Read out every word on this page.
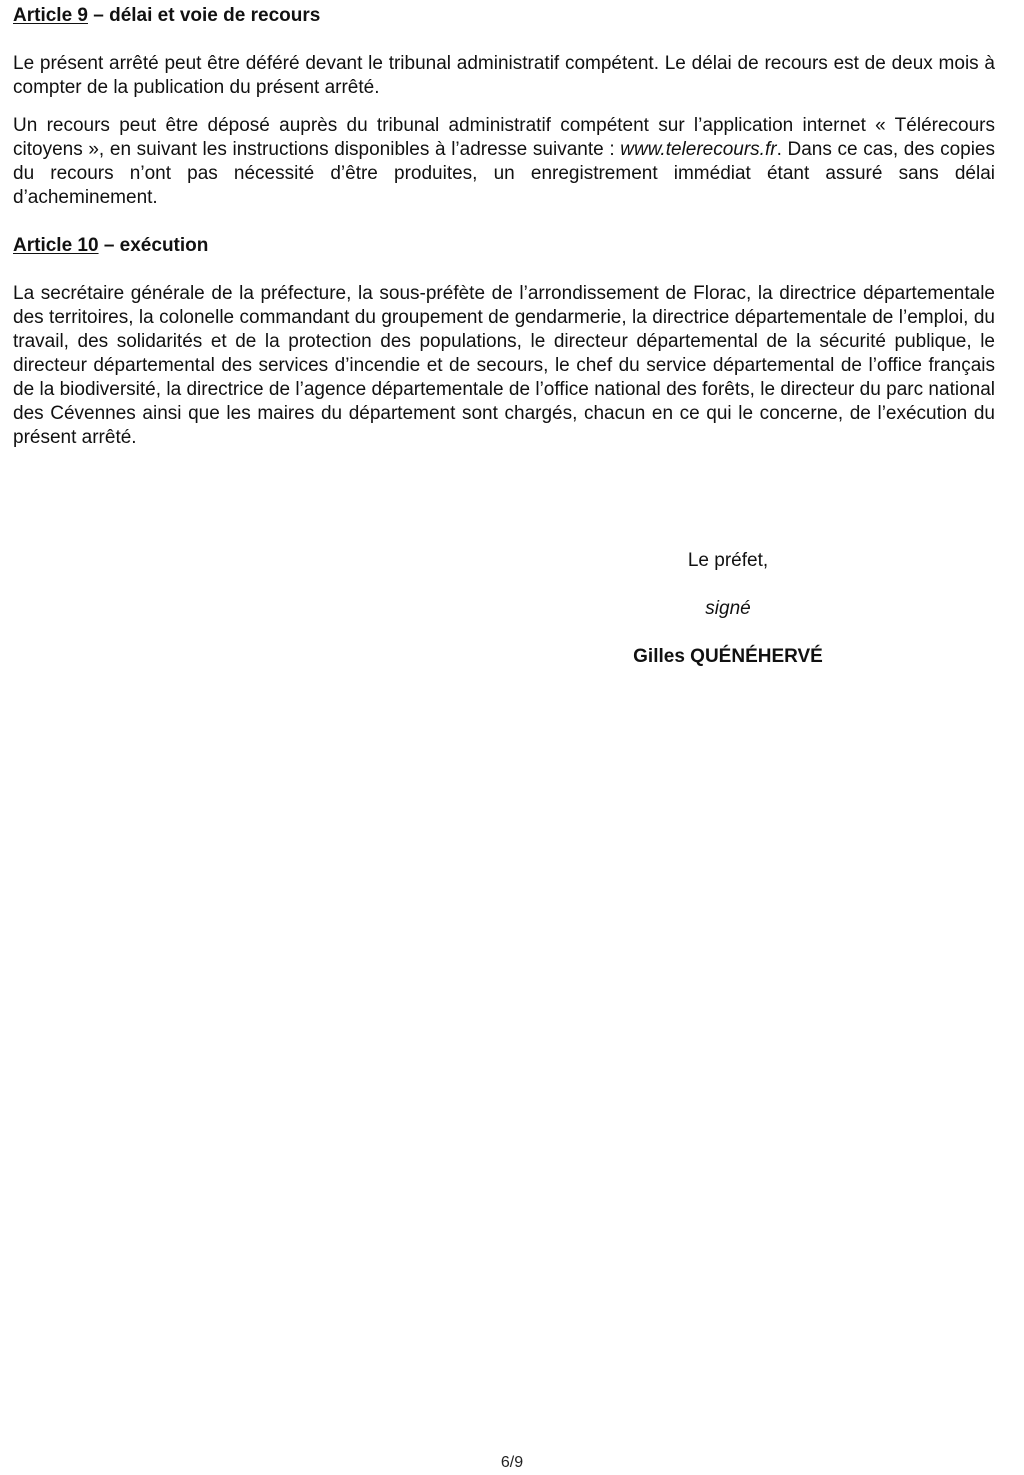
Article 9 – délai et voie de recours

Le présent arrêté peut être déféré devant le tribunal administratif compétent. Le délai de recours est de deux mois à compter de la publication du présent arrêté.

Un recours peut être déposé auprès du tribunal administratif compétent sur l’application internet « Télérecours citoyens », en suivant les instructions disponibles à l’adresse suivante : www.telerecours.fr. Dans ce cas, des copies du recours n’ont pas nécessité d’être produites, un enregistrement immédiat étant assuré sans délai d’acheminement.

Article 10 – exécution

La secrétaire générale de la préfecture, la sous-préfète de l’arrondissement de Florac, la directrice départementale des territoires, la colonelle commandant du groupement de gendarmerie, la directrice départementale de l’emploi, du travail, des solidarités et de la protection des populations, le directeur départemental de la sécurité publique, le directeur départemental des services d’incendie et de secours, le chef du service départemental de l’office français de la biodiversité, la directrice de l’agence départementale de l’office national des forêts, le directeur du parc national des Cévennes ainsi que les maires du département sont chargés, chacun en ce qui le concerne, de l’exécution du présent arrêté.

Le préfet,
signé
Gilles QUÉNÉHERVÉ
6/9
